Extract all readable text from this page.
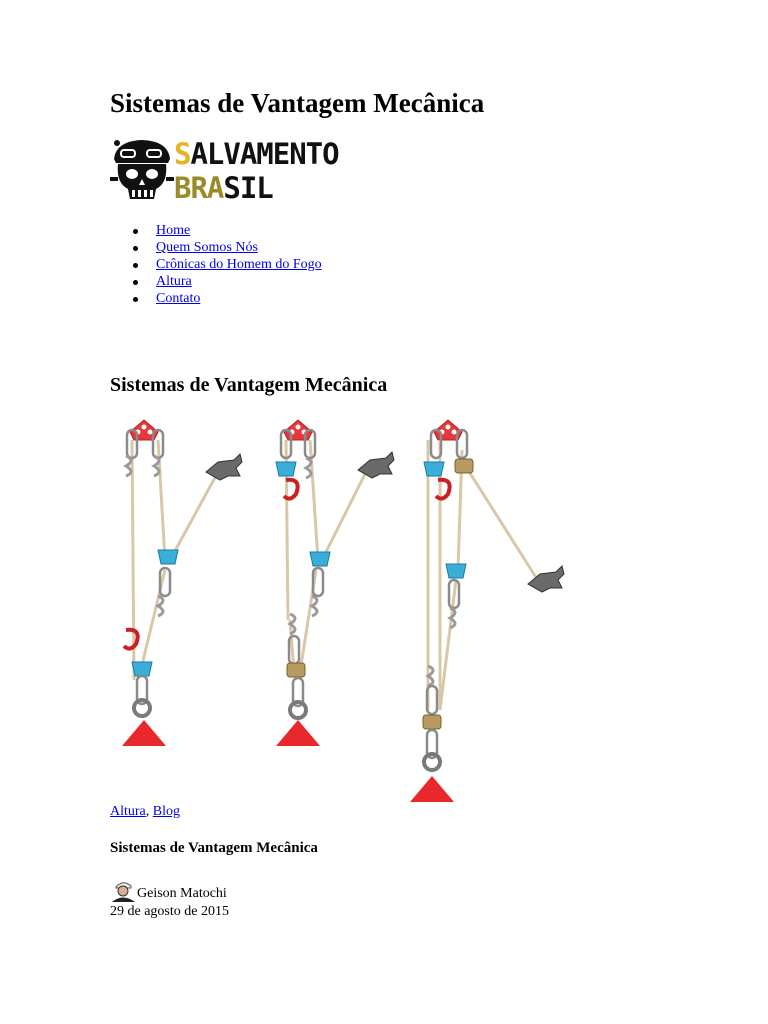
Sistemas de Vantagem Mecânica
SALVAMENTO
BRASIL
Home
Quem Somos Nós
Crônicas do Homem do Fogo
Altura
Contato
Sistemas de Vantagem Mecânica
Altura, Blog
Sistemas de Vantagem Mecânica
Geison Matochi
29 de agosto de 2015
